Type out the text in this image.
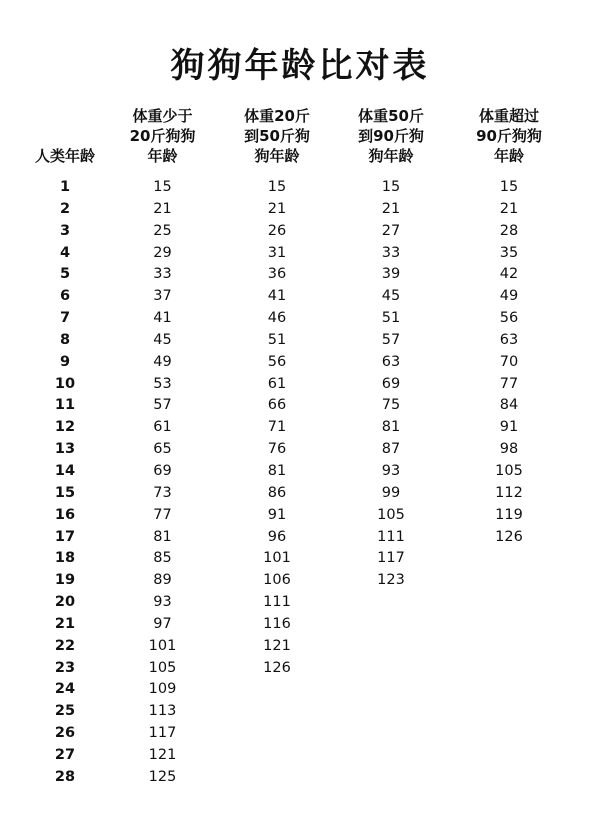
狗狗年龄比对表
人类年龄
体重少于
20斤狗狗
年龄
体重20斤
到50斤狗
狗年龄
体重50斤
到90斤狗
狗年龄
体重超过
90斤狗狗
年龄
1
2
3
4
5
6
7
8
9
10
11
12
13
14
15
16
17
18
19
20
21
22
23
24
25
26
27
28
15
21
25
29
33
37
41
45
49
53
57
61
65
69
73
77
81
85
89
93
97
101
105
109
113
117
121
125
15
21
26
31
36
41
46
51
56
61
66
71
76
81
86
91
96
101
106
111
116
121
126
15
21
27
33
39
45
51
57
63
69
75
81
87
93
99
105
111
117
123
15
21
28
35
42
49
56
63
70
77
84
91
98
105
112
119
126
